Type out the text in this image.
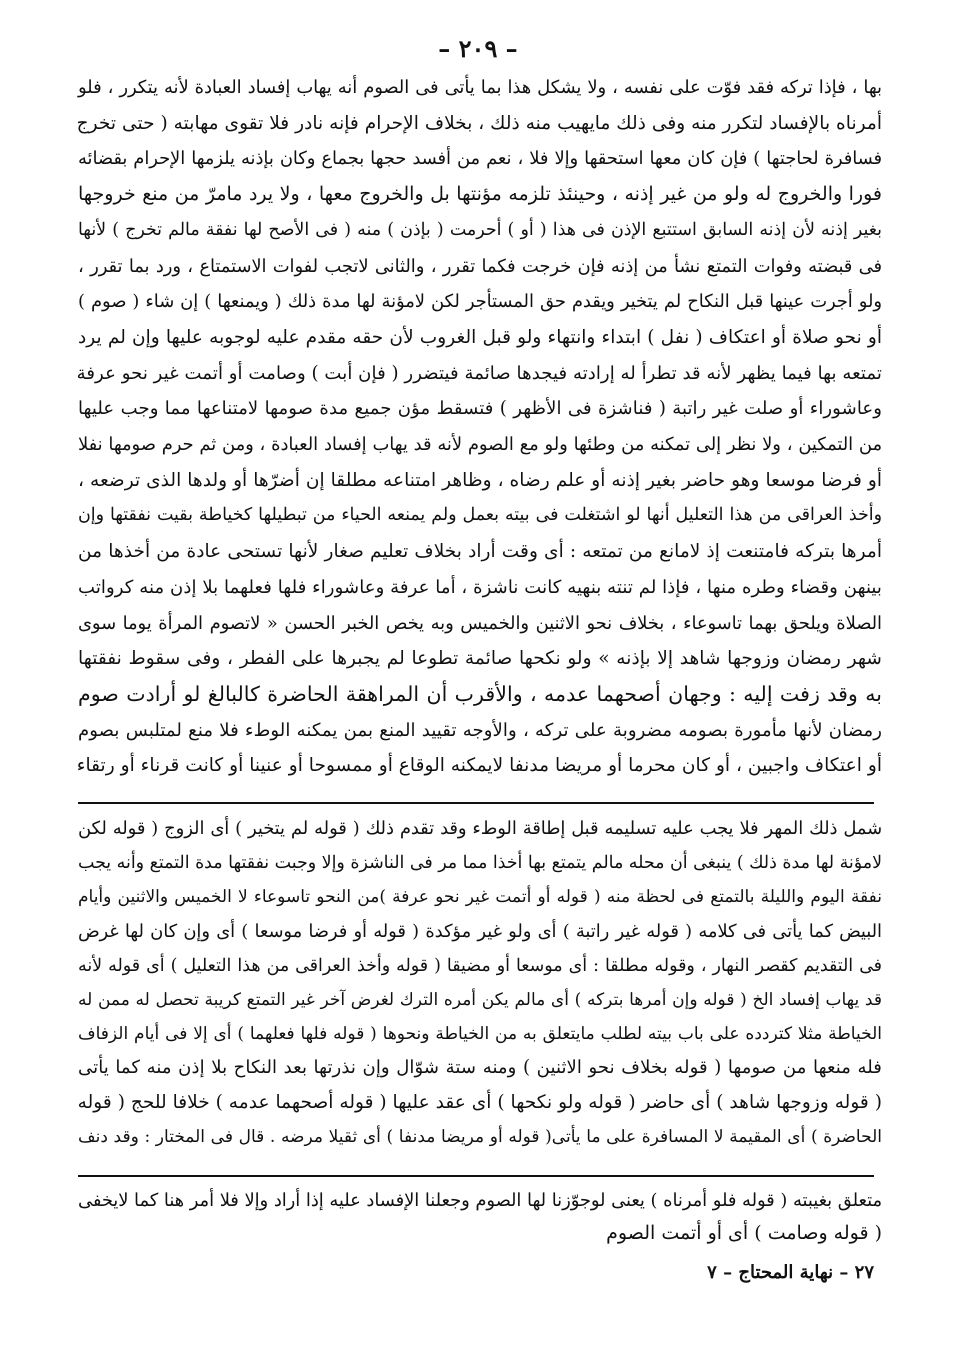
– ٢٠٩ –
بها ، فإذا تركه فقد فوّت على نفسه ، ولا يشكل هذا بما يأتى فى الصوم أنه يهاب إفساد العبادة لأنه يتكرر ، فلو
أمرناه بالإفساد لتكرر منه وفى ذلك مايهيب منه ذلك ، بخلاف الإحرام فإنه نادر فلا تقوى مهابته ( حتى تخرج
فسافرة لحاجتها ) فإن كان معها استحقها وإلا فلا ، نعم من أفسد حجها بجماع وكان بإذنه يلزمها الإحرام بقضائه
فورا والخروج له ولو من غير إذنه ، وحينئذ تلزمه مؤنتها بل والخروج معها ، ولا يرد مامرّ من منع خروجها
بغير إذنه لأن إذنه السابق استتبع الإذن فى هذا ( أو ) أحرمت ( بإذن ) منه ( فى الأصح لها نفقة مالم تخرج ) لأنها
فى قبضته وفوات التمتع نشأ من إذنه فإن خرجت فكما تقرر ، والثانى لاتجب لفوات الاستمتاع ، ورد بما تقرر ،
ولو أجرت عينها قبل النكاح لم يتخير ويقدم حق المستأجر لكن لامؤنة لها مدة ذلك ( ويمنعها ) إن شاء ( صوم )
أو نحو صلاة أو اعتكاف ( نفل ) ابتداء وانتهاء ولو قبل الغروب لأن حقه مقدم عليه لوجوبه عليها وإن لم يرد
تمتعه بها فيما يظهر لأنه قد تطرأ له إرادته فيجدها صائمة فيتضرر ( فإن أبت ) وصامت أو أتمت غير نحو عرفة
وعاشوراء أو صلت غير راتبة ( فناشزة فى الأظهر ) فتسقط مؤن جميع مدة صومها لامتناعها مما وجب عليها
من التمكين ، ولا نظر إلى تمكنه من وطئها ولو مع الصوم لأنه قد يهاب إفساد العبادة ، ومن ثم حرم صومها نفلا
أو فرضا موسعا وهو حاضر بغير إذنه أو علم رضاه ، وظاهر امتناعه مطلقا إن أضرّها أو ولدها الذى ترضعه ،
وأخذ العراقى من هذا التعليل أنها لو اشتغلت فى بيته بعمل ولم يمنعه الحياء من تبطيلها كخياطة بقيت نفقتها وإن
أمرها بتركه فامتنعت إذ لامانع من تمتعه : أى وقت أراد بخلاف تعليم صغار لأنها تستحى عادة من أخذها من
بينهن وقضاء وطره منها ، فإذا لم تنته بنهيه كانت ناشزة ، أما عرفة وعاشوراء فلها فعلهما بلا إذن منه كرواتب
الصلاة ويلحق بهما تاسوعاء ، بخلاف نحو الاثنين والخميس وبه يخص الخبر الحسن « لاتصوم المرأة يوما سوى
شهر رمضان وزوجها شاهد إلا بإذنه » ولو نكحها صائمة تطوعا لم يجبرها على الفطر ، وفى سقوط نفقتها
به وقد زفت إليه : وجهان أصحهما عدمه ، والأقرب أن المراهقة الحاضرة كالبالغ لو أرادت صوم
رمضان لأنها مأمورة بصومه مضروبة على تركه ، والأوجه تقييد المنع بمن يمكنه الوطء فلا منع لمتلبس بصوم
أو اعتكاف واجبين ، أو كان محرما أو مريضا مدنفا لايمكنه الوقاع أو ممسوحا أو عنينا أو كانت قرناء أو رتقاء
شمل ذلك المهر فلا يجب عليه تسليمه قبل إطاقة الوطء وقد تقدم ذلك ( قوله لم يتخير ) أى الزوج ( قوله لكن
لامؤنة لها مدة ذلك ) ينبغى أن محله مالم يتمتع بها أخذا مما مر فى الناشزة وإلا وجبت نفقتها مدة التمتع وأنه يجب
نفقة اليوم والليلة بالتمتع فى لحظة منه ( قوله أو أتمت غير نحو عرفة )من النحو تاسوعاء لا الخميس والاثنين وأيام
البيض كما يأتى فى كلامه ( قوله غير راتبة ) أى ولو غير مؤكدة ( قوله أو فرضا موسعا ) أى وإن كان لها غرض
فى التقديم كقصر النهار ، وقوله مطلقا : أى موسعا أو مضيقا ( قوله وأخذ العراقى من هذا التعليل ) أى قوله لأنه
قد يهاب إفساد الخ ( قوله وإن أمرها بتركه ) أى مالم يكن أمره الترك لغرض آخر غير التمتع كريبة تحصل له ممن له
الخياطة مثلا كتردده على باب بيته لطلب مايتعلق به من الخياطة ونحوها ( قوله فلها فعلهما ) أى إلا فى أيام الزفاف
فله منعها من صومها ( قوله بخلاف نحو الاثنين ) ومنه ستة شوّال وإن نذرتها بعد النكاح بلا إذن منه كما يأتى
( قوله وزوجها شاهد ) أى حاضر ( قوله ولو نكحها ) أى عقد عليها ( قوله أصحهما عدمه ) خلافا للحج ( قوله
الحاضرة ) أى المقيمة لا المسافرة على ما يأتى( قوله أو مريضا مدنفا ) أى ثقيلا مرضه . قال فى المختار : وقد دنف
متعلق بغيبته ( قوله فلو أمرناه ) يعنى لوجوّزنا لها الصوم وجعلنا الإفساد عليه إذا أراد وإلا فلا أمر هنا كما لايخفى
( قوله وصامت ) أى أو أتمت الصوم
٢٧ – نهاية المحتاج – ٧
